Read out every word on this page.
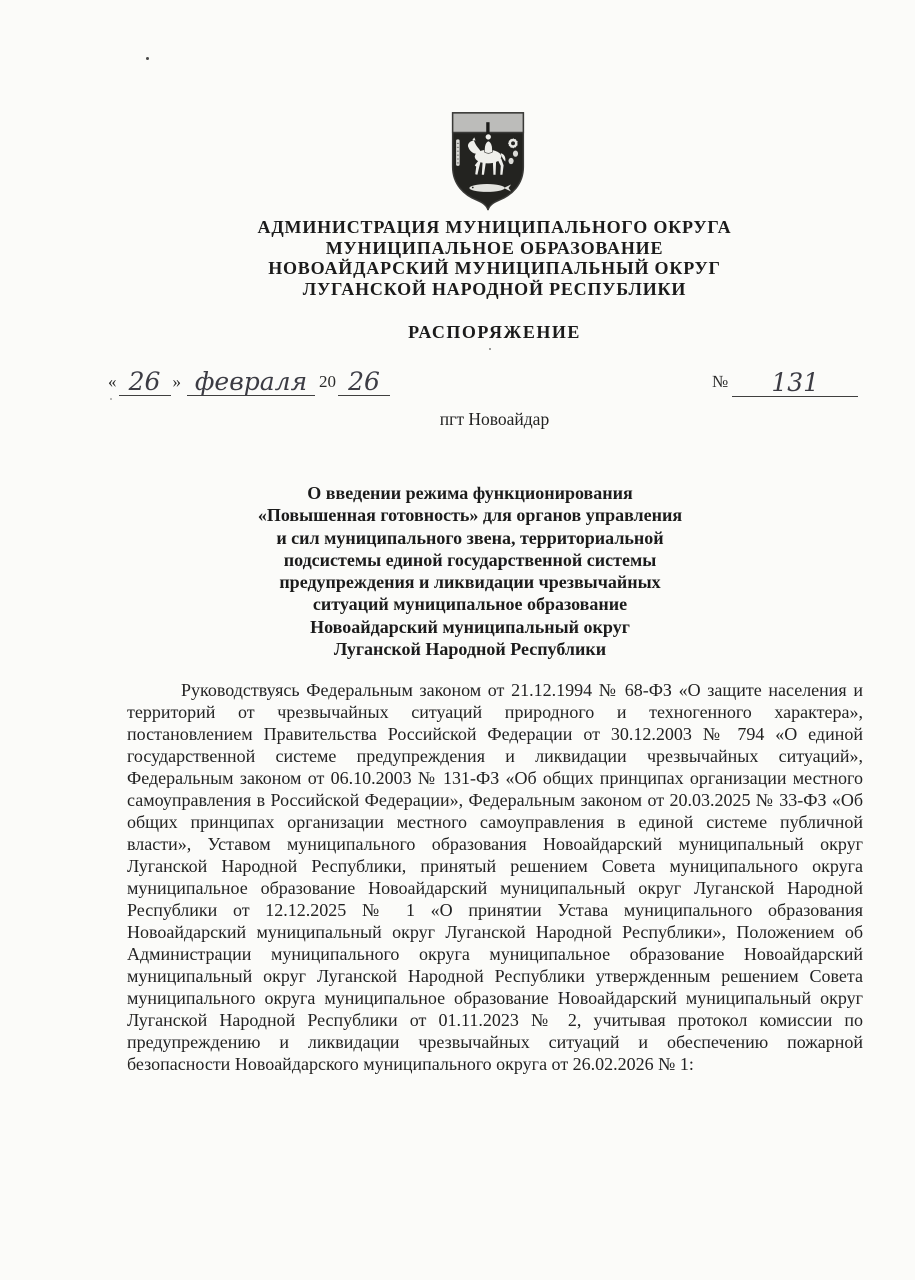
АДМИНИСТРАЦИЯ МУНИЦИПАЛЬНОГО ОКРУГА
МУНИЦИПАЛЬНОЕ ОБРАЗОВАНИЕ
НОВОАЙДАРСКИЙ МУНИЦИПАЛЬНЫЙ ОКРУГ
ЛУГАНСКОЙ НАРОДНОЙ РЕСПУБЛИКИ
РАСПОРЯЖЕНИЕ
« 26 » февраля 20 26	№	131
пгт Новоайдар
О введении режима функционирования
«Повышенная готовность» для органов управления
и сил муниципального звена, территориальной
подсистемы единой государственной системы
предупреждения и ликвидации чрезвычайных
ситуаций муниципальное образование
Новоайдарский муниципальный округ
Луганской Народной Республики
Руководствуясь Федеральным законом от 21.12.1994 № 68-ФЗ «О защите населения и территорий от чрезвычайных ситуаций природного и техногенного характера», постановлением Правительства Российской Федерации от 30.12.2003 № 794 «О единой государственной системе предупреждения и ликвидации чрезвычайных ситуаций», Федеральным законом от 06.10.2003 № 131-ФЗ «Об общих принципах организации местного самоуправления в Российской Федерации», Федеральным законом от 20.03.2025 № 33-ФЗ «Об общих принципах организации местного самоуправления в единой системе публичной власти», Уставом муниципального образования Новоайдарский муниципальный округ Луганской Народной Республики, принятый решением Совета муниципального округа муниципальное образование Новоайдарский муниципальный округ Луганской Народной Республики от 12.12.2025 № 1 «О принятии Устава муниципального образования Новоайдарский муниципальный округ Луганской Народной Республики», Положением об Администрации муниципального округа муниципальное образование Новоайдарский муниципальный округ Луганской Народной Республики утвержденным решением Совета муниципального округа муниципальное образование Новоайдарский муниципальный округ Луганской Народной Республики от 01.11.2023 № 2, учитывая протокол комиссии по предупреждению и ликвидации чрезвычайных ситуаций и обеспечению пожарной безопасности Новоайдарского муниципального округа от 26.02.2026 № 1:
